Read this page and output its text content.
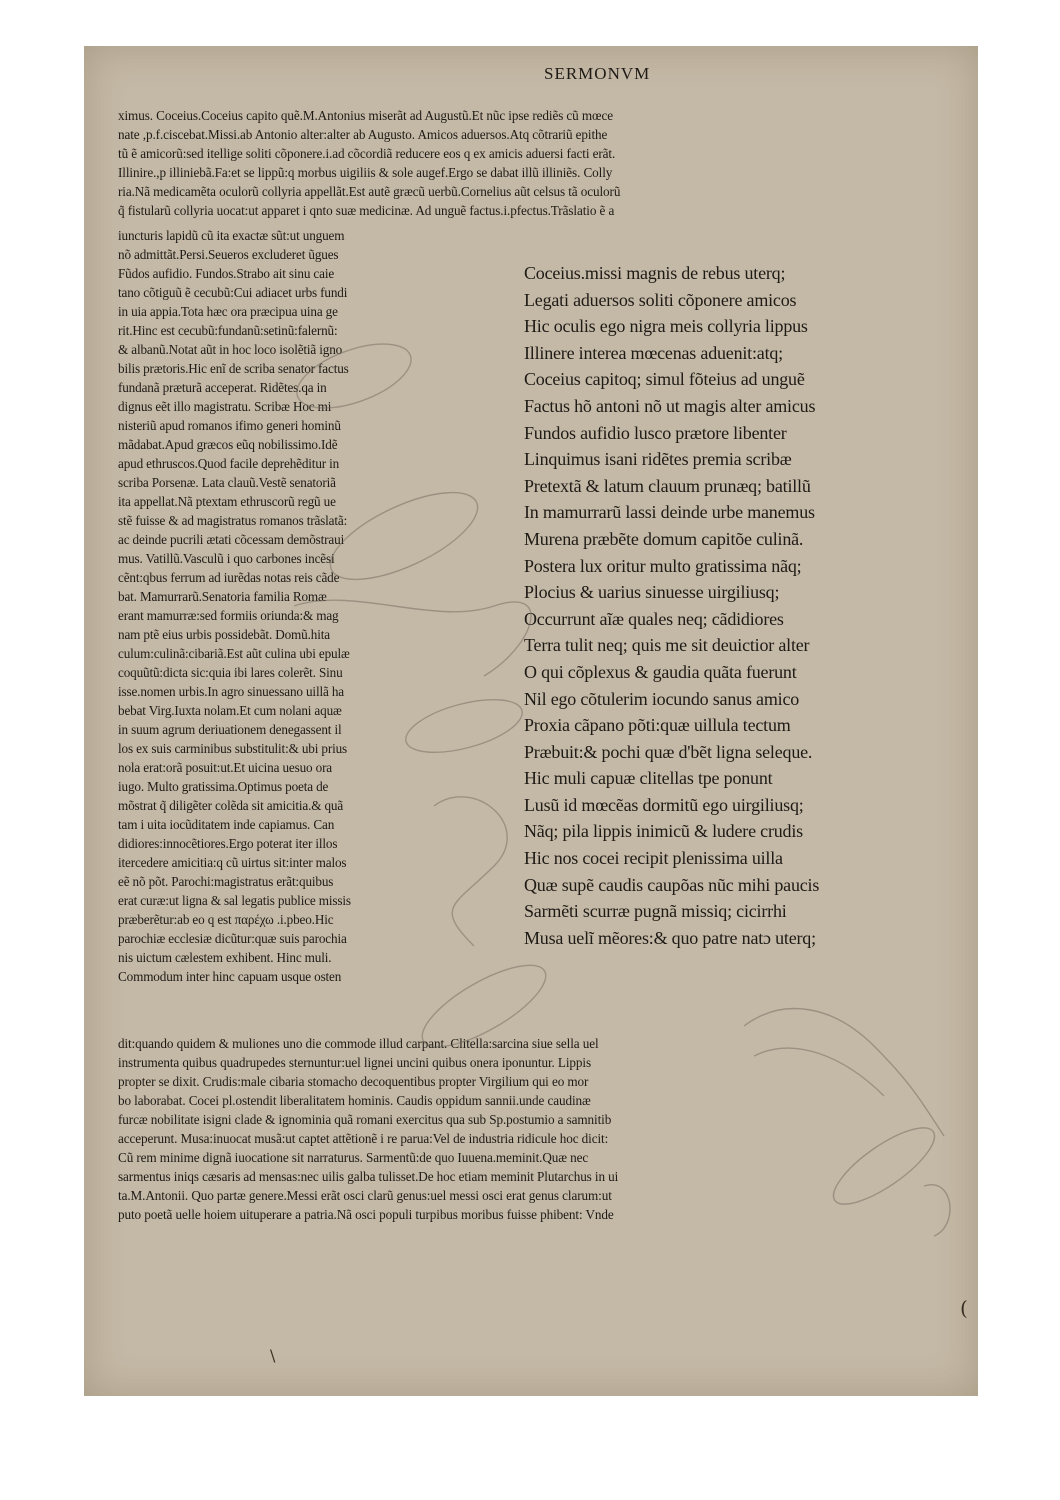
SERMONVM
ximus. Coceius.Coceius capito quẽ.M.Antonius miserãt ad Augustũ.Et nũc ipse rediẽs cũ mœce
nate ,p.f.ciscebat.Missi.ab Antonio alter:alter ab Augusto. Amicos aduersos.Atq cõtrariũ epithe
tũ ẽ amicorũ:sed itellige soliti cõponere.i.ad cõcordiã reducere eos q ex amicis aduersi facti erãt.
Illinire.,p illiniebã.Fa:et se lippũ:q morbus uigiliis & sole augef.Ergo se dabat illũ illiniẽs. Colly
ria.Nã medicamẽta oculorũ collyria appellãt.Est autẽ græcũ uerbũ.Cornelius aũt celsus tã oculorũ
q̃ fistularũ collyria uocat:ut apparet i qnto suæ medicinæ. Ad unguẽ factus.i.pfectus.Trãslatio ẽ a
iuncturis lapidũ cũ ita exactæ sũt:ut unguem
nõ admittãt.Persi.Seueros excluderet ũgues
Fũdos aufidio. Fundos.Strabo ait sinu caie
tano cõtiguũ ẽ cecubũ:Cui adiacet urbs fundi
in uia appia.Tota hæc ora præcipua uina ge
rit.Hinc est cecubũ:fundanũ:setinũ:falernũ:
& albanũ.Notat aũt in hoc loco isolẽtiã igno
bilis prætoris.Hic enĩ de scriba senator factus
fundanã præturã acceperat. Ridẽtes.qa in
dignus eẽt illo magistratu. Scribæ Hoc mi
nisteriũ apud romanos ifimo generi hominũ
mãdabat.Apud græcos eũq nobilissimo.Idẽ
apud ethruscos.Quod facile deprehẽditur in
scriba Porsenæ. Lata clauũ.Vestẽ senatoriã
ita appellat.Nã ptextam ethruscorũ regũ ue
stẽ fuisse & ad magistratus romanos trãslatã:
ac deinde pucrili ætati cõcessam demõstraui
mus. Vatillũ.Vasculũ i quo carbones incẽsi
cẽnt:qbus ferrum ad iurẽdas notas reis cãde
bat. Mamurrarũ.Senatoria familia Romæ
erant mamurræ:sed formiis oriunda:& mag
nam ptẽ eius urbis possidebãt. Domũ.hita
culum:culinã:cibariã.Est aũt culina ubi epulæ
coquũtũ:dicta sic:quia ibi lares colerẽt. Sinu
isse.nomen urbis.In agro sinuessano uillã ha
bebat Virg.Iuxta nolam.Et cum nolani aquæ
in suum agrum deriuationem denegassent il
los ex suis carminibus substitulit:& ubi prius
nola erat:orã posuit:ut.Et uicina uesuo ora
iugo. Multo gratissima.Optimus poeta de
mõstrat q̃ diligẽter colẽda sit amicitia.& quã
tam i uita iocũditatem inde capiamus. Can
didiores:innocẽtiores.Ergo poterat iter illos
itercedere amicitia:q cũ uirtus sit:inter malos
eẽ nõ põt. Parochi:magistratus erãt:quibus
erat curæ:ut ligna & sal legatis publice missis
præberẽtur:ab eo q est παρέχω .i.pbeo.Hic
parochiæ ecclesiæ dicũtur:quæ suis parochia
nis uictum cælestem exhibent. Hinc muli.
Commodum inter hinc capuam usque osten
Coceius.missi magnis de rebus uterq;
Legati aduersos soliti cõponere amicos
Hic oculis ego nigra meis collyria lippus
Illinere interea mœcenas aduenit:atq;
Coceius capitoq; simul fõteius ad unguẽ
Factus hõ antoni nõ ut magis alter amicus
Fundos aufidio lusco prætore libenter
Linquimus isani ridẽtes premia scribæ
Pretextã & latum clauum prunæq; batillũ
In mamurrarũ lassi deinde urbe manemus
Murena præbẽte domum capitõe culinã.
Postera lux oritur multo gratissima nãq;
Plocius & uarius sinuesse uirgiliusq;
Occurrunt aĩæ quales neq; cãdidiores
Terra tulit neq; quis me sit deuictior alter
O qui cõplexus & gaudia quãta fuerunt
Nil ego cõtulerim iocundo sanus amico
Proxia cãpano põti:quæ uillula tectum
Præbuit:& pochi quæ d'bẽt ligna seleque.
Hic muli capuæ clitellas tpe ponunt
Lusũ id mœcẽas dormitũ ego uirgiliusq;
Nãq; pila lippis inimicũ & ludere crudis
Hic nos cocei recipit plenissima uilla
Quæ supẽ caudis caupõas nũc mihi paucis
Sarmẽti scurræ pugnã missiq; cicirrhi
Musa uelĩ mẽores:& quo patre natɔ uterq;
dit:quando quidem & muliones uno die commode illud carpant. Clitella:sarcina siue sella uel
instrumenta quibus quadrupedes sternuntur:uel lignei uncini quibus onera iponuntur. Lippis
propter se dixit. Crudis:male cibaria stomacho decoquentibus propter Virgilium qui eo mor
bo laborabat. Cocei pl.ostendit liberalitatem hominis. Caudis oppidum sannii.unde caudinæ
furcæ nobilitate isigni clade & ignominia quã romani exercitus qua sub Sp.postumio a samnitib
acceperunt. Musa:inuocat musã:ut captet attẽtionẽ i re parua:Vel de industria ridicule hoc dicit:
Cũ rem minime dignã iuocatione sit narraturus. Sarmentũ:de quo Iuuena.meminit.Quæ nec
sarmentus iniqs cæsaris ad mensas:nec uilis galba tulisset.De hoc etiam meminit Plutarchus in ui
ta.M.Antonii. Quo partæ genere.Messi erãt osci clarũ genus:uel messi osci erat genus clarum:ut
puto poetã uelle hoiem uituperare a patria.Nã osci populi turpibus moribus fuisse phibent: Vnde
(
\
